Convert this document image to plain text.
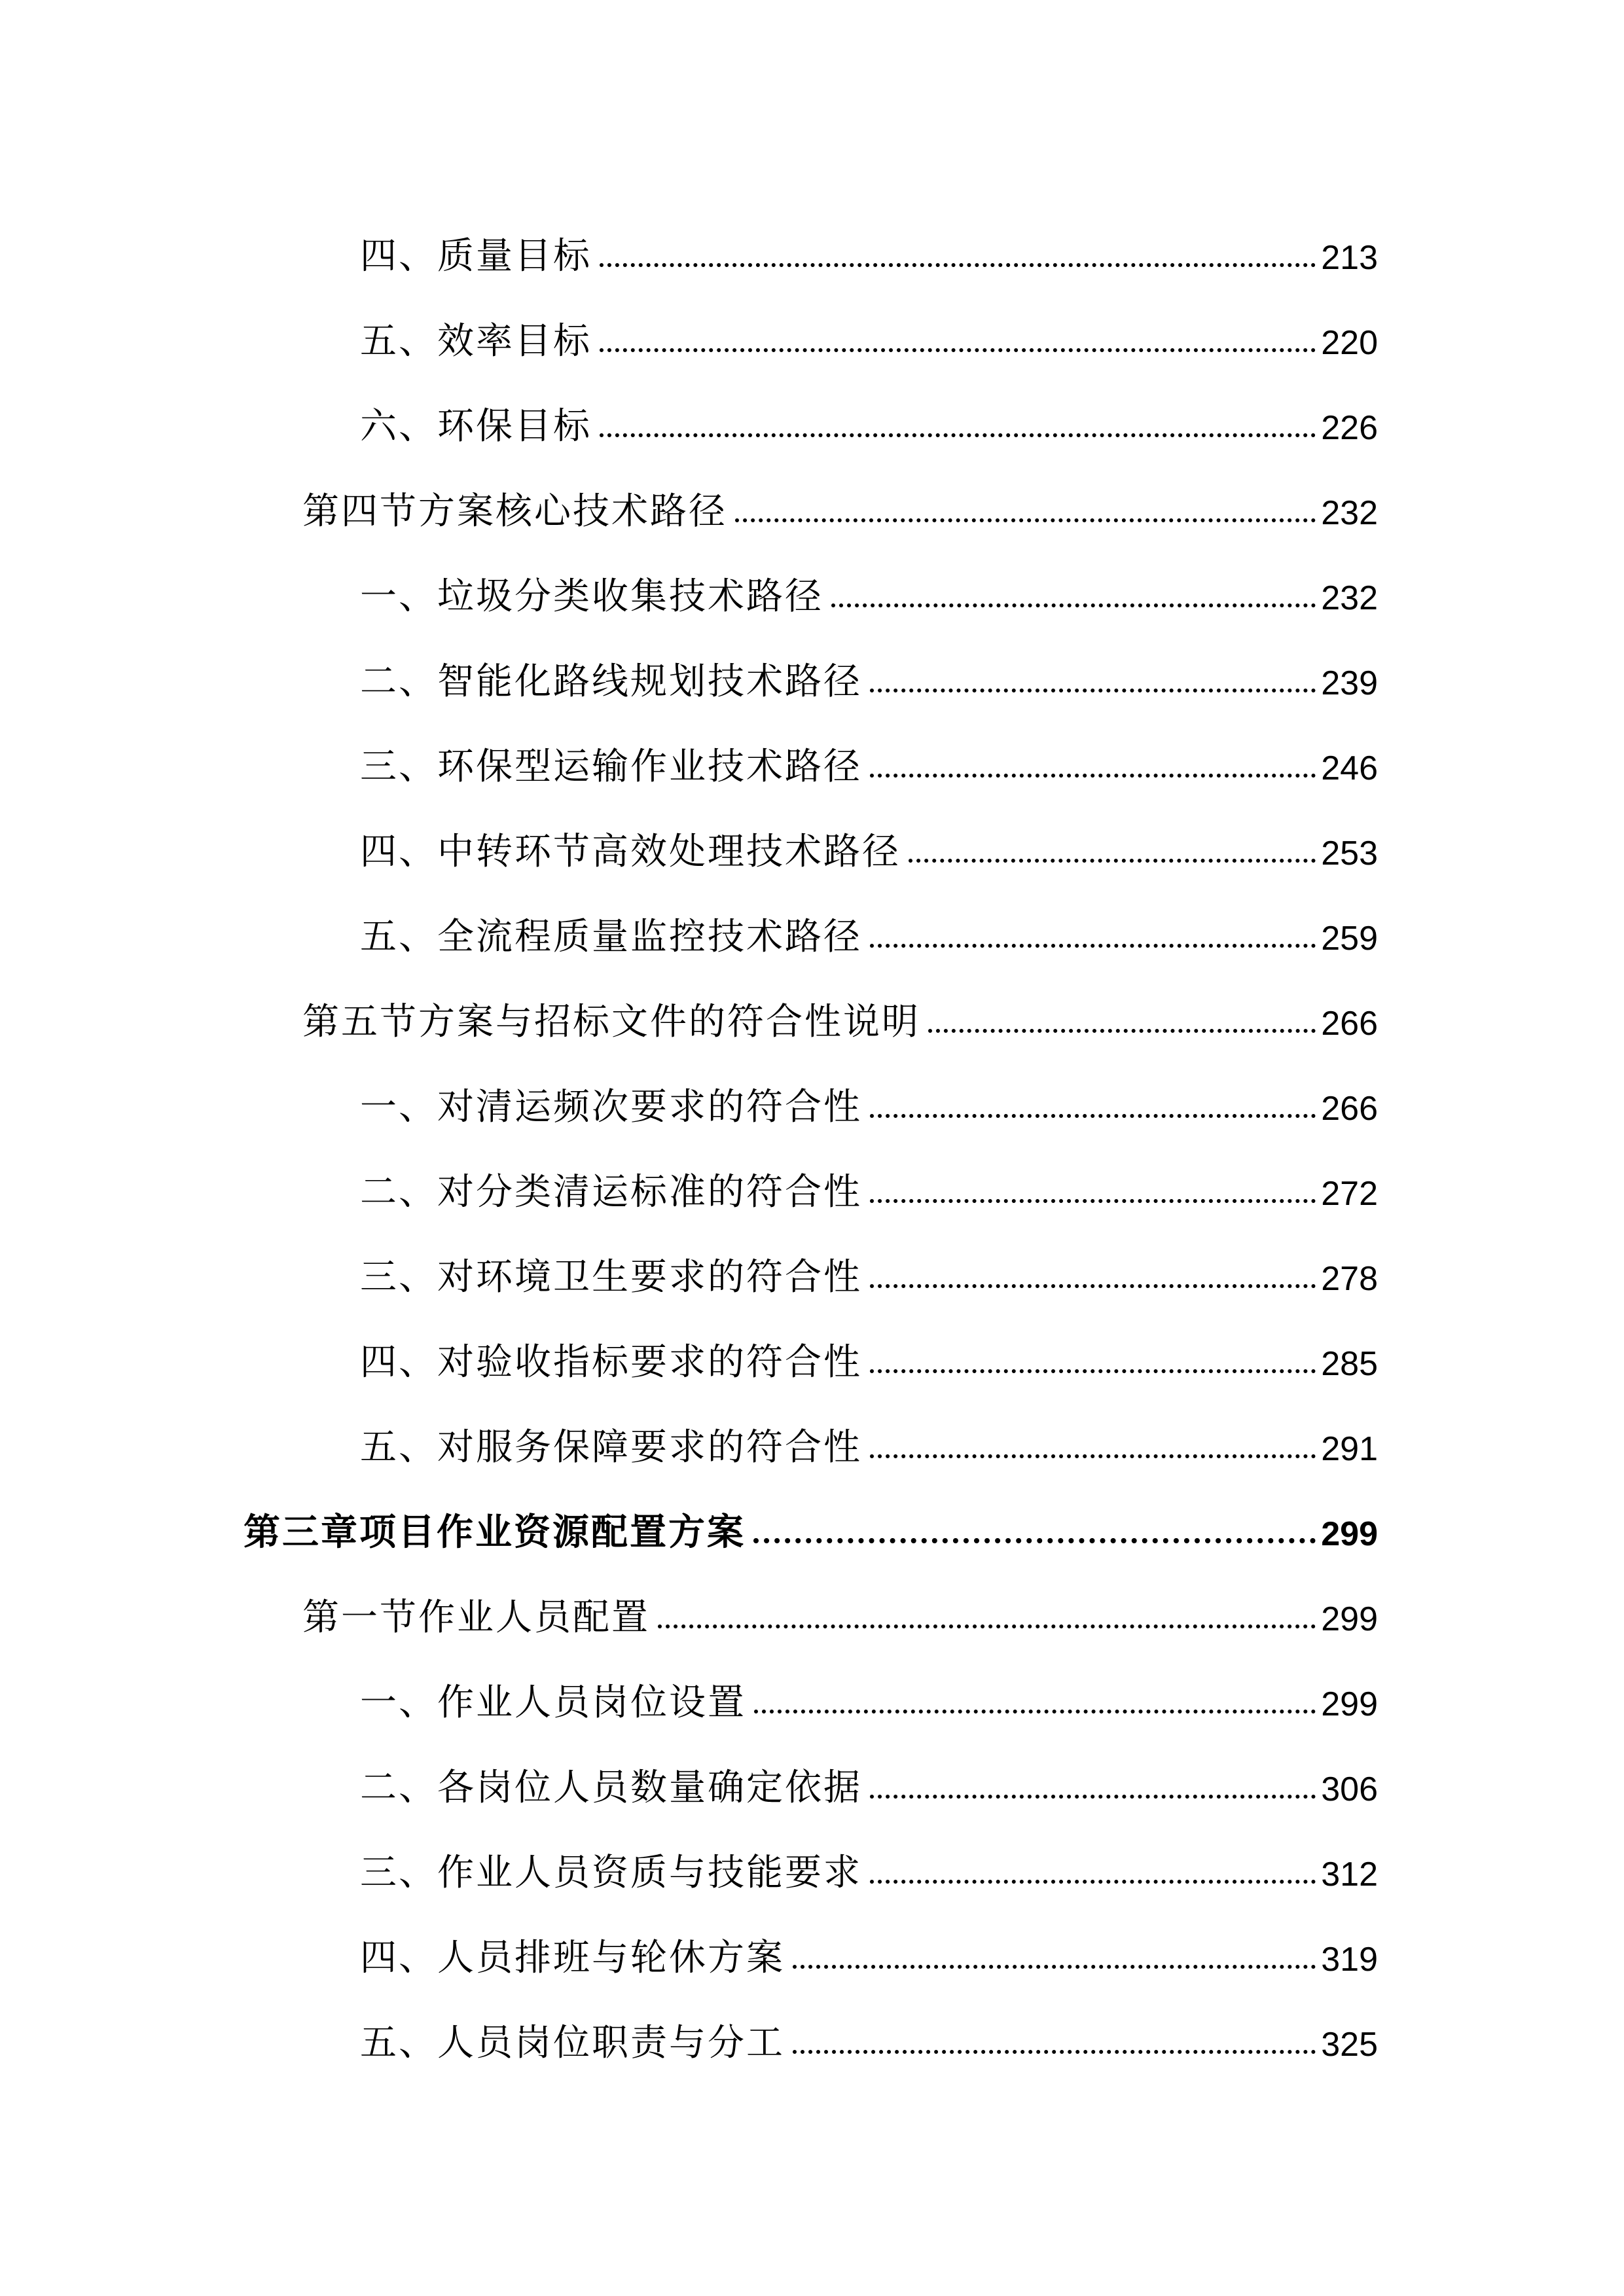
四、质量目标	213
五、效率目标	220
六、环保目标	226
第四节方案核心技术路径	232
一、垃圾分类收集技术路径	232
二、智能化路线规划技术路径	239
三、环保型运输作业技术路径	246
四、中转环节高效处理技术路径	253
五、全流程质量监控技术路径	259
第五节方案与招标文件的符合性说明	266
一、对清运频次要求的符合性	266
二、对分类清运标准的符合性	272
三、对环境卫生要求的符合性	278
四、对验收指标要求的符合性	285
五、对服务保障要求的符合性	291
第三章项目作业资源配置方案	299
第一节作业人员配置	299
一、作业人员岗位设置	299
二、各岗位人员数量确定依据	306
三、作业人员资质与技能要求	312
四、人员排班与轮休方案	319
五、人员岗位职责与分工	325
